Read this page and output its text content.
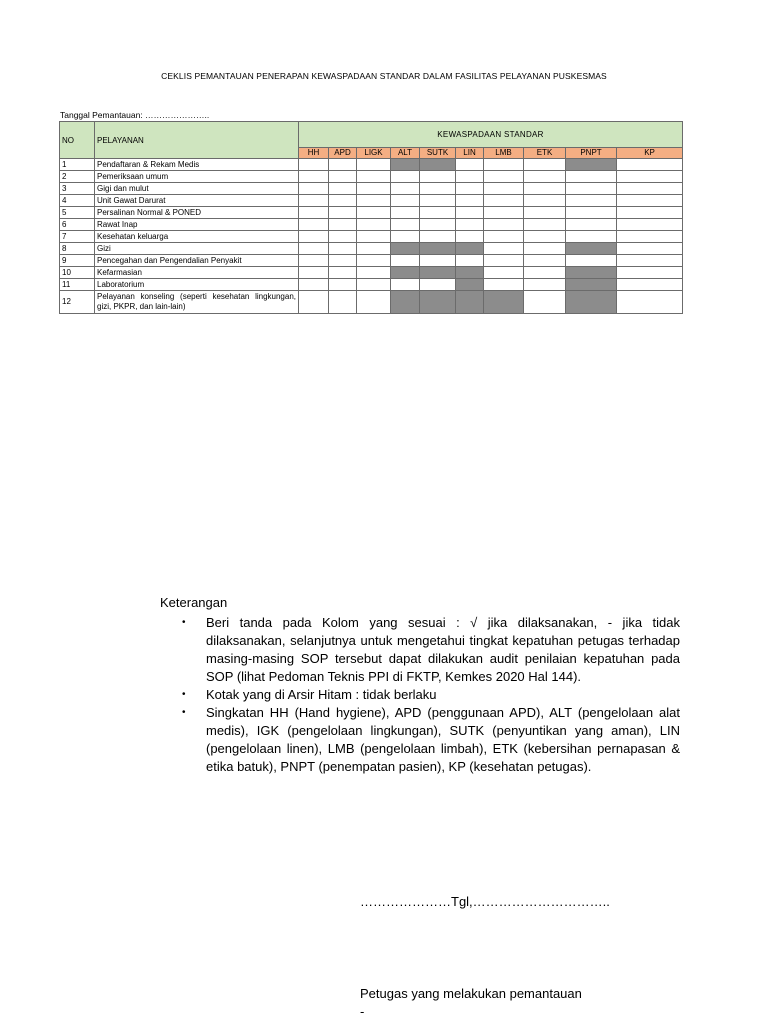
CEKLIS PEMANTAUAN PENERAPAN KEWASPADAAN STANDAR DALAM FASILITAS PELAYANAN PUSKESMAS
Tanggal Pemantauan: …………………..
NO	PELAYANAN	KEWASPADAAN STANDAR									
		HH	APD	LIGK	ALT	SUTK	LIN	LMB	ETK	PNPT	KP
1	Pendaftaran & Rekam Medis										
2	Pemeriksaan umum										
3	Gigi dan mulut										
4	Unit Gawat Darurat										
5	Persalinan Normal & PONED										
6	Rawat Inap										
7	Kesehatan keluarga										
8	Gizi										
9	Pencegahan dan Pengendalian Penyakit										
10	Kefarmasian										
11	Laboratorium										
12	Pelayanan konseling (seperti kesehatan lingkungan, gizi, PKPR, dan lain-lain)										
Keterangan
• Beri tanda pada Kolom yang sesuai : √ jika dilaksanakan, - jika tidak dilaksanakan, selanjutnya untuk mengetahui tingkat kepatuhan petugas terhadap masing-masing SOP tersebut dapat dilakukan audit penilaian kepatuhan pada SOP (lihat Pedoman Teknis PPI di FKTP, Kemkes 2020 Hal 144).
• Kotak yang di Arsir Hitam : tidak berlaku
• Singkatan HH (Hand hygiene), APD (penggunaan APD), ALT (pengelolaan alat medis), IGK (pengelolaan lingkungan), SUTK (penyuntikan yang aman), LIN (pengelolaan linen), LMB (pengelolaan limbah), ETK (kebersihan pernapasan & etika batuk), PNPT (penempatan pasien), KP (kesehatan petugas).
…………………Tgl,…………………………..
Petugas yang melakukan pemantauan
-
